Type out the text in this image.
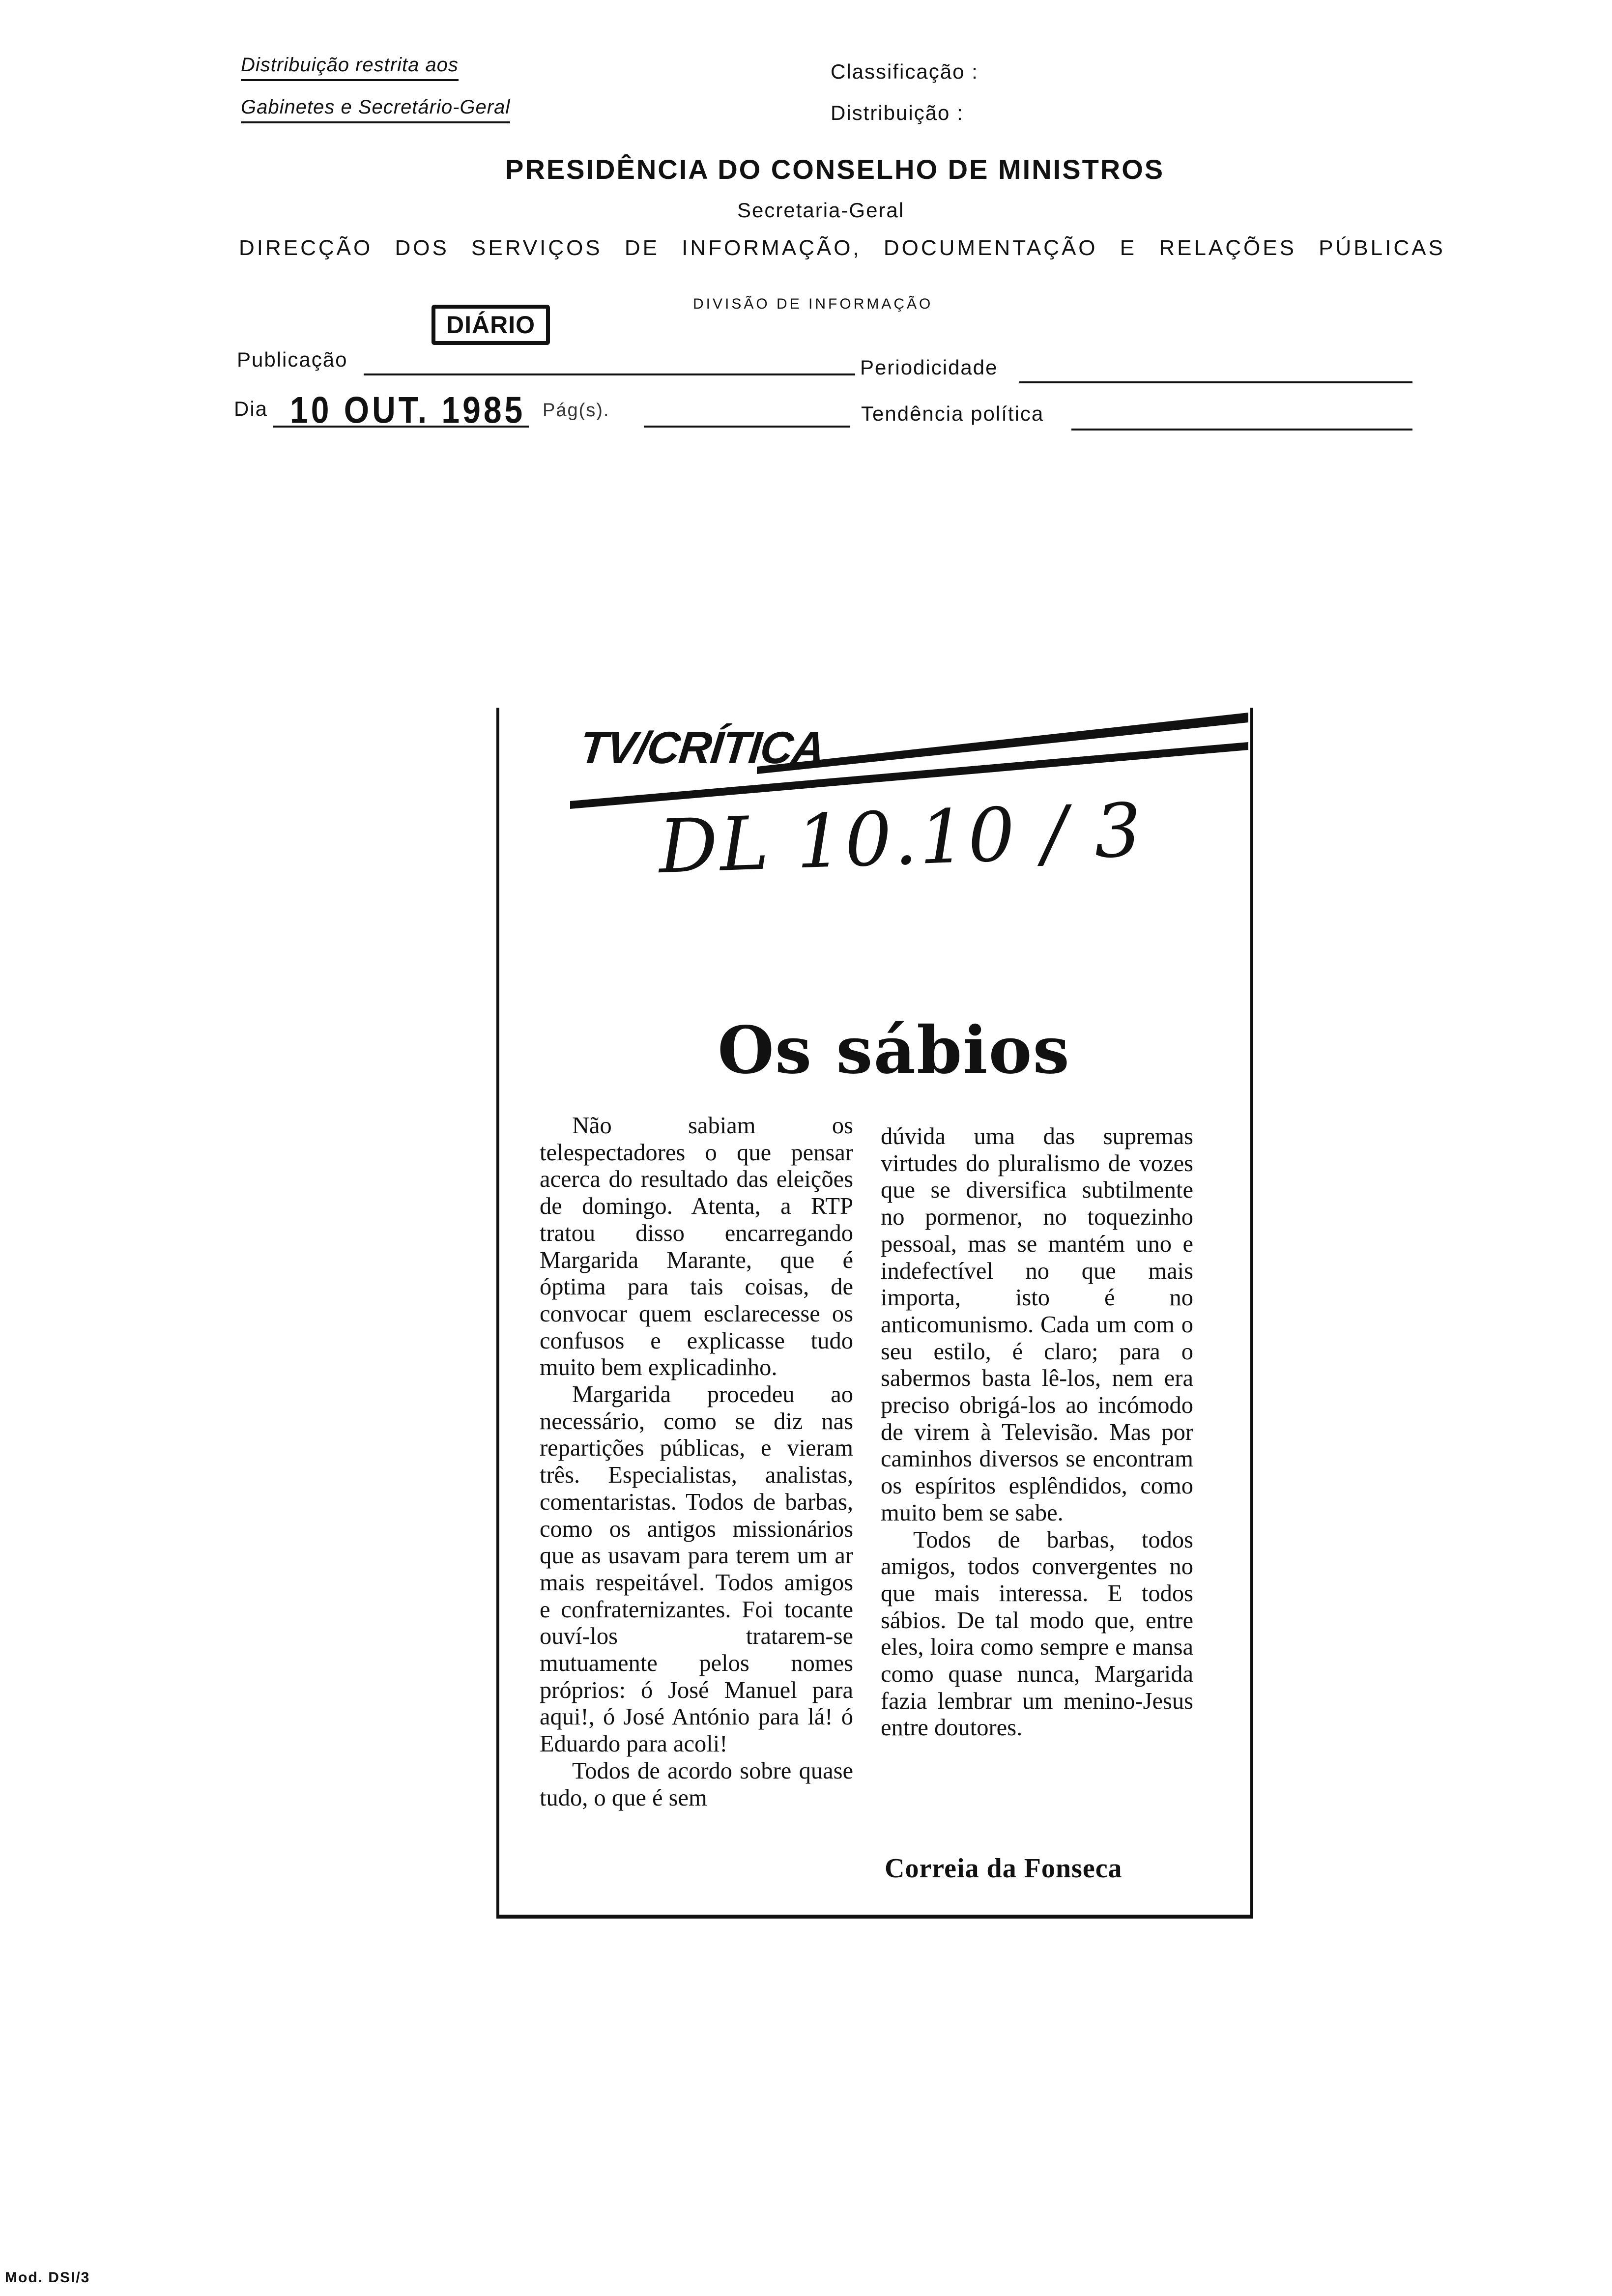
Distribuição restrita aos
Gabinetes e Secretário-Geral
Classificação :
Distribuição :
PRESIDÊNCIA DO CONSELHO DE MINISTROS
Secretaria-Geral
DIRECÇÃO DOS SERVIÇOS DE INFORMAÇÃO, DOCUMENTAÇÃO E RELAÇÕES PÚBLICAS
DIVISÃO DE INFORMAÇÃO
Publicação
DIÁRIO
Periodicidade
Dia 10 OUT. 1985 Pág(s).	Tendência política
TV/CRÍTICA
DL 10.10 / 3
Os sábios

Não sabiam os telespectadores o que pensar acerca do resultado das eleições de domingo. Atenta, a RTP tratou disso encarregando Margarida Marante, que é óptima para tais coisas, de convocar quem esclarecesse os confusos e explicasse tudo muito bem explicadinho.

Margarida procedeu ao necessário, como se diz nas repartições públicas, e vieram três. Especialistas, analistas, comentaristas. Todos de barbas, como os antigos missionários que as usavam para terem um ar mais respeitável. Todos amigos e confraternizantes. Foi tocante ouví-los tratarem-se mutuamente pelos nomes próprios: ó José Manuel para aqui!, ó José António para lá! ó Eduardo para acoli!

Todos de acordo sobre quase tudo, o que é sem

dúvida uma das supremas virtudes do pluralismo de vozes que se diversifica subtilmente no pormenor, no toquezinho pessoal, mas se mantém uno e indefectível no que mais importa, isto é no anticomunismo. Cada um com o seu estilo, é claro; para o sabermos basta lê-los, nem era preciso obrigá-los ao incómodo de virem à Televisão. Mas por caminhos diversos se encontram os espíritos esplêndidos, como muito bem se sabe.

Todos de barbas, todos amigos, todos convergentes no que mais interessa. E todos sábios. De tal modo que, entre eles, loira como sempre e mansa como quase nunca, Margarida fazia lembrar um menino-Jesus entre doutores.

Correia da Fonseca
Mod. DSI/3
